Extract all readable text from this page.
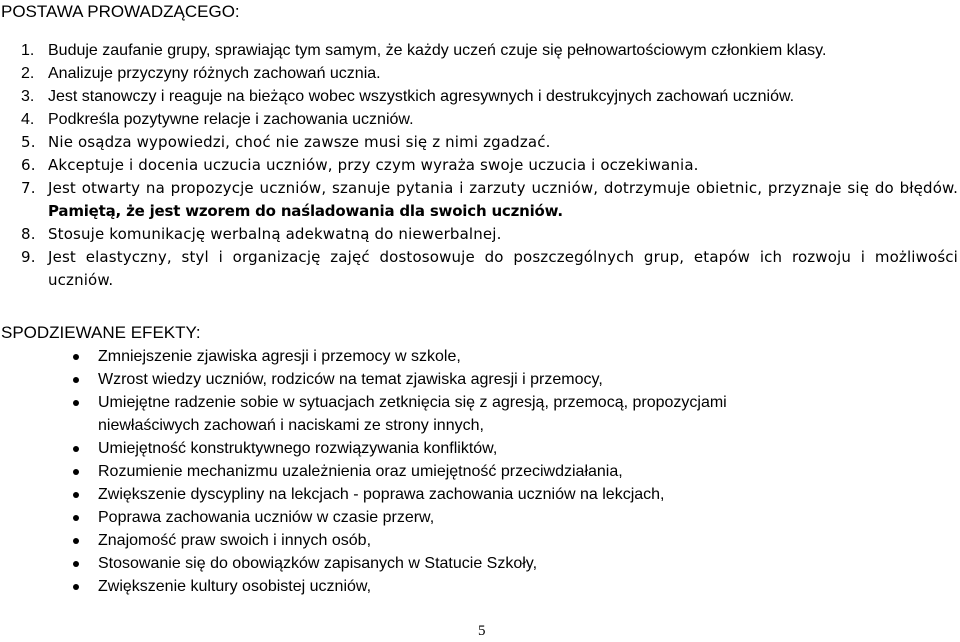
POSTAWA PROWADZĄCEGO:
1. Buduje zaufanie grupy, sprawiając tym samym, że każdy uczeń czuje się pełnowartościowym członkiem klasy.
2. Analizuje przyczyny różnych zachowań ucznia.
3. Jest stanowczy i reaguje na bieżąco wobec wszystkich agresywnych i destrukcyjnych zachowań uczniów.
4. Podkreśla pozytywne relacje i zachowania uczniów.
5. Nie osądza wypowiedzi, choć nie zawsze musi się z nimi zgadzać.
6. Akceptuje i docenia uczucia uczniów, przy czym wyraża swoje uczucia i oczekiwania.
7. Jest otwarty na propozycje uczniów, szanuje pytania i zarzuty uczniów, dotrzymuje obietnic, przyznaje się do błędów. Pamiętą, że jest wzorem do naśladowania dla swoich uczniów.
8. Stosuje komunikację werbalną adekwatną do niewerbalnej.
9. Jest elastyczny, styl i organizację zajęć dostosowuje do poszczególnych grup, etapów ich rozwoju i możliwości uczniów.
SPODZIEWANE EFEKTY:
Zmniejszenie zjawiska agresji i przemocy w szkole,
Wzrost wiedzy uczniów, rodziców na temat zjawiska agresji i przemocy,
Umiejętne radzenie sobie w sytuacjach zetknięcia się z agresją, przemocą, propozycjami
niewłaściwych zachowań i naciskami ze strony innych,
Umiejętność konstruktywnego rozwiązywania konfliktów,
Rozumienie mechanizmu uzależnienia oraz umiejętność przeciwdziałania,
Zwiększenie dyscypliny na lekcjach - poprawa zachowania uczniów na lekcjach,
Poprawa zachowania uczniów w czasie przerw,
Znajomość praw swoich i innych osób,
Stosowanie się do obowiązków zapisanych w Statucie Szkoły,
Zwiększenie kultury osobistej uczniów,
5
